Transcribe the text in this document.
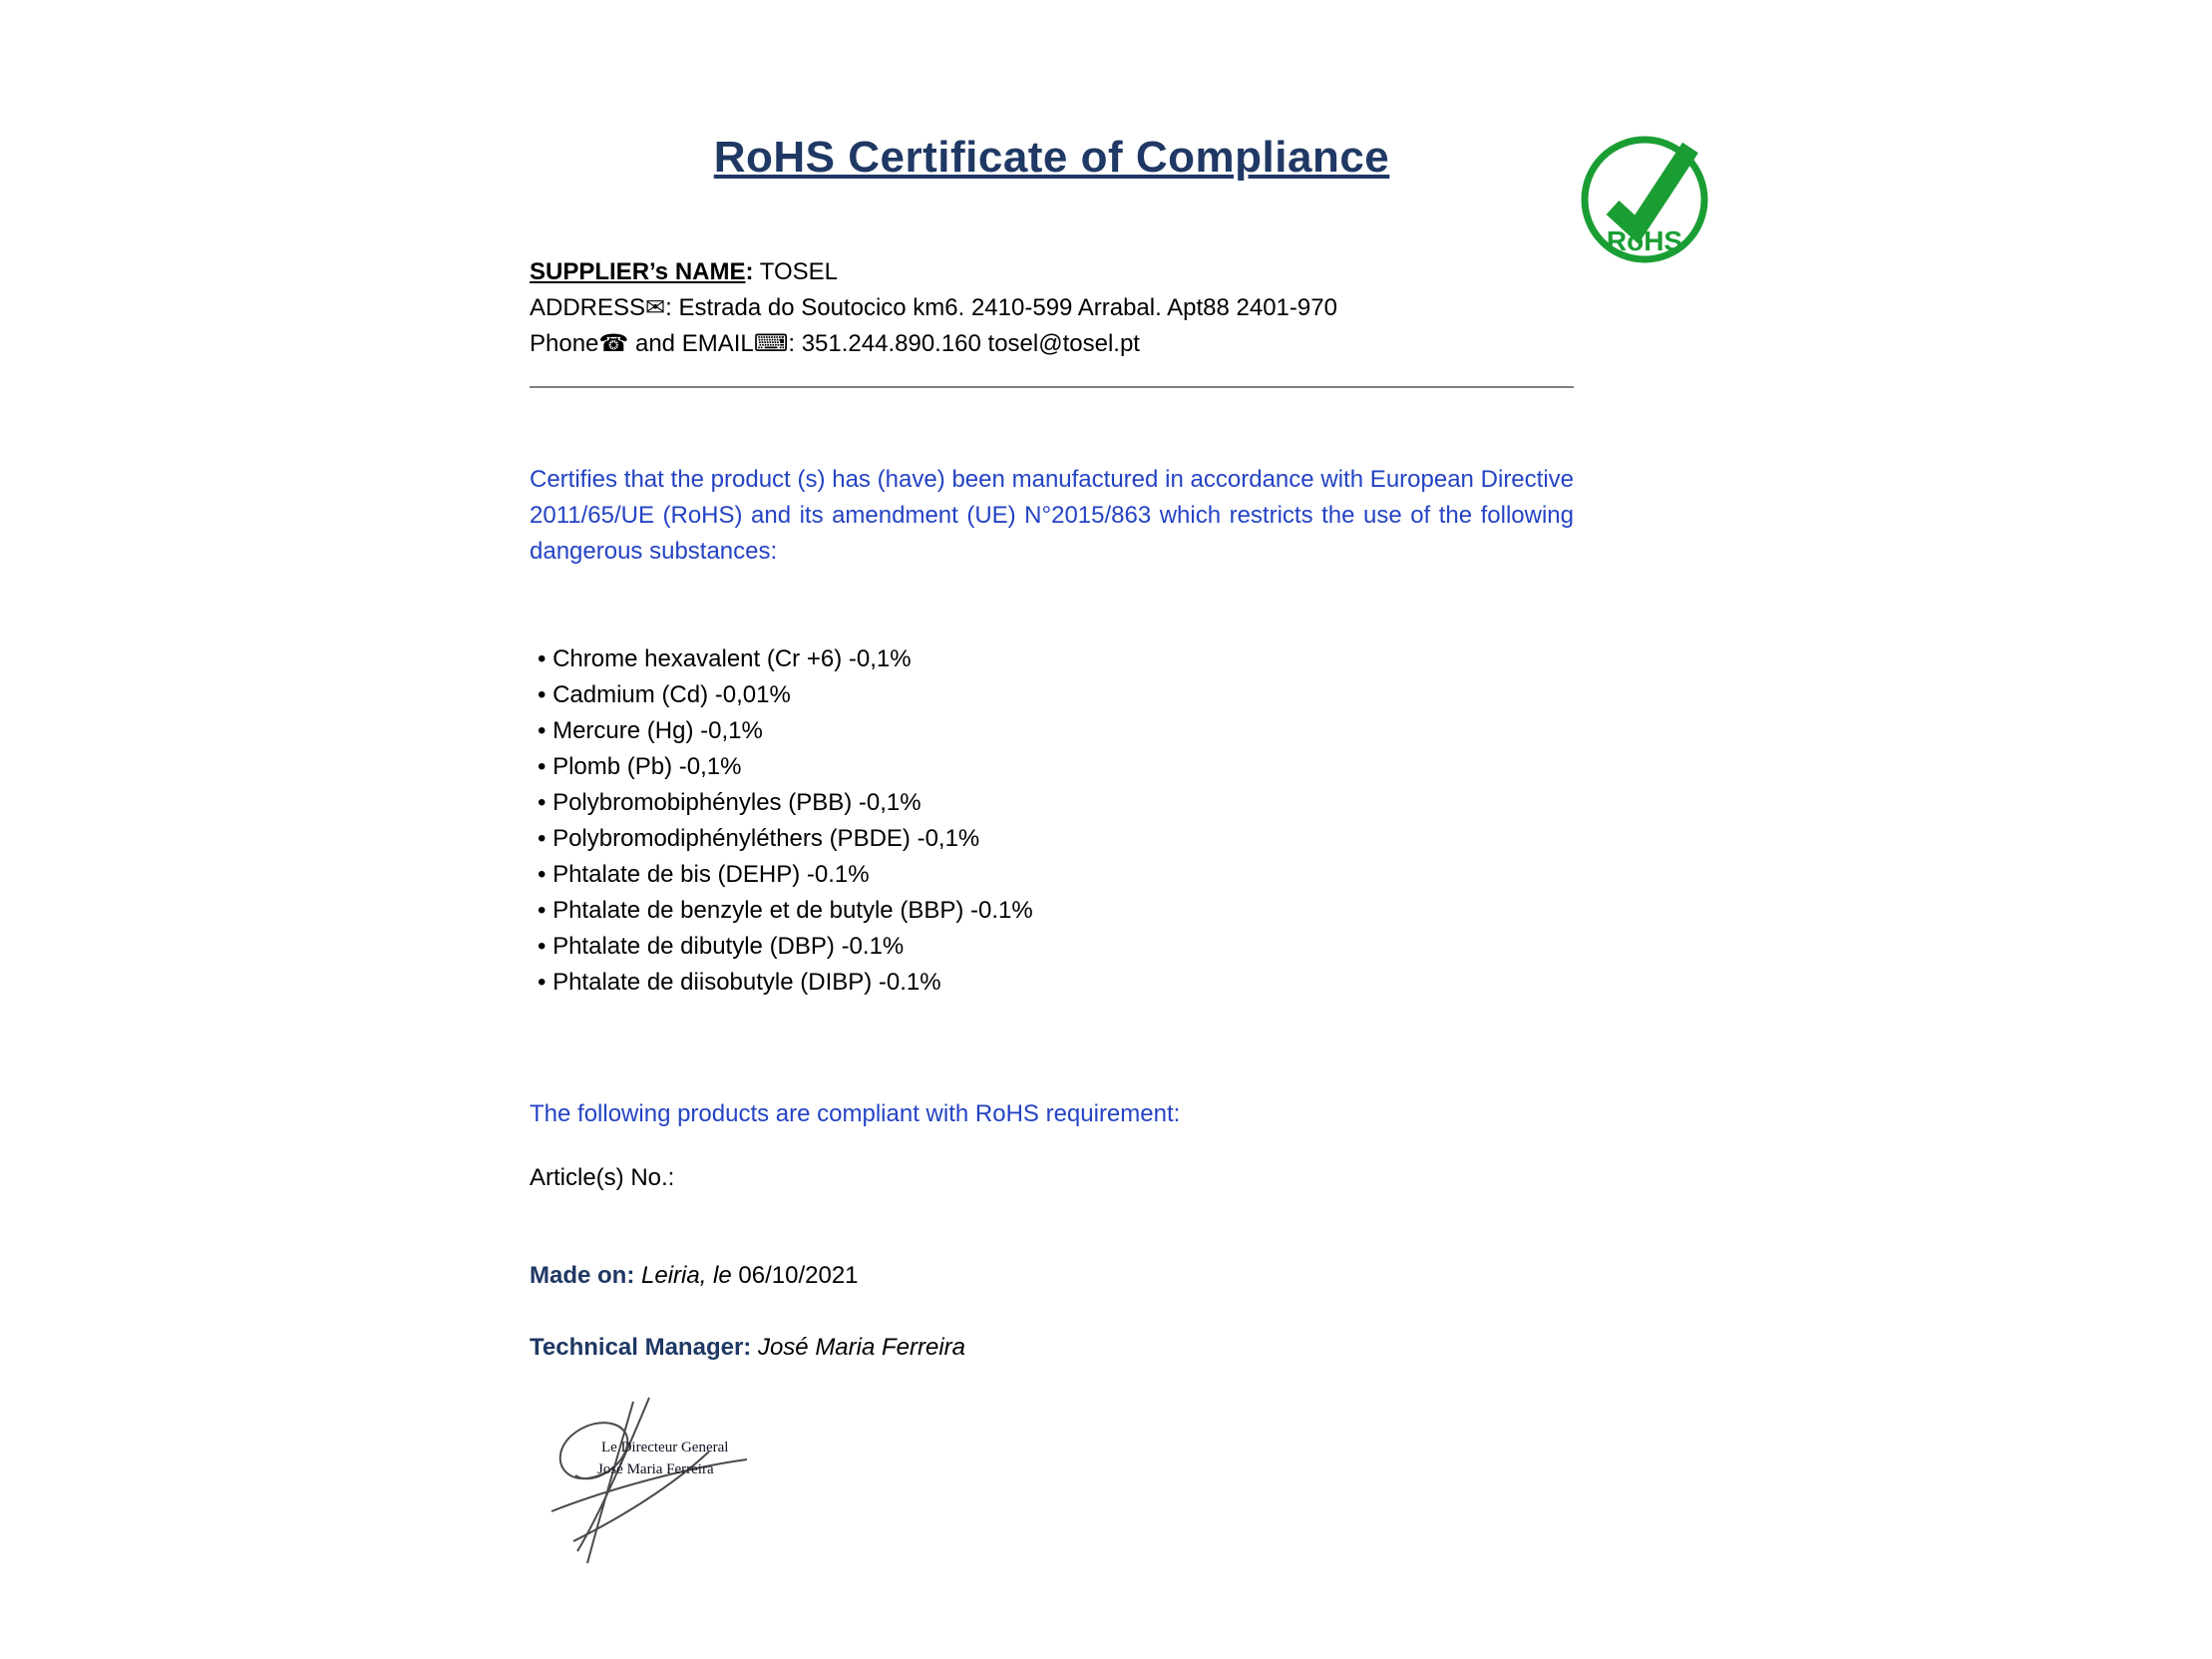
RoHS
RoHS Certificate of Compliance

SUPPLIER’s NAME: TOSEL

ADDRESS✉: Estrada do Soutocico km6. 2410-599 Arrabal. Apt88 2401-970

Phone☎ and EMAIL⌨: 351.244.890.160 tosel@tosel.pt

Certifies that the product (s) has (have) been manufactured in accordance with European Directive 2011/65/UE (RoHS) and its amendment (UE) N°2015/863 which restricts the use of the following dangerous substances:

• Chrome hexavalent (Cr +6) -0,1%
• Cadmium (Cd) -0,01%
• Mercure (Hg) -0,1%
• Plomb (Pb) -0,1%
• Polybromobiphényles (PBB) -0,1%
• Polybromodiphényléthers (PBDE) -0,1%
• Phtalate de bis (DEHP) -0.1%
• Phtalate de benzyle et de butyle (BBP) -0.1%
• Phtalate de dibutyle (DBP) -0.1%
• Phtalate de diisobutyle (DIBP) -0.1%

The following products are compliant with RoHS requirement:

Article(s) No.:

Made on: Leiria, le 06/10/2021

Technical Manager: José Maria Ferreira

Le Directeur General
José Maria Ferreira
